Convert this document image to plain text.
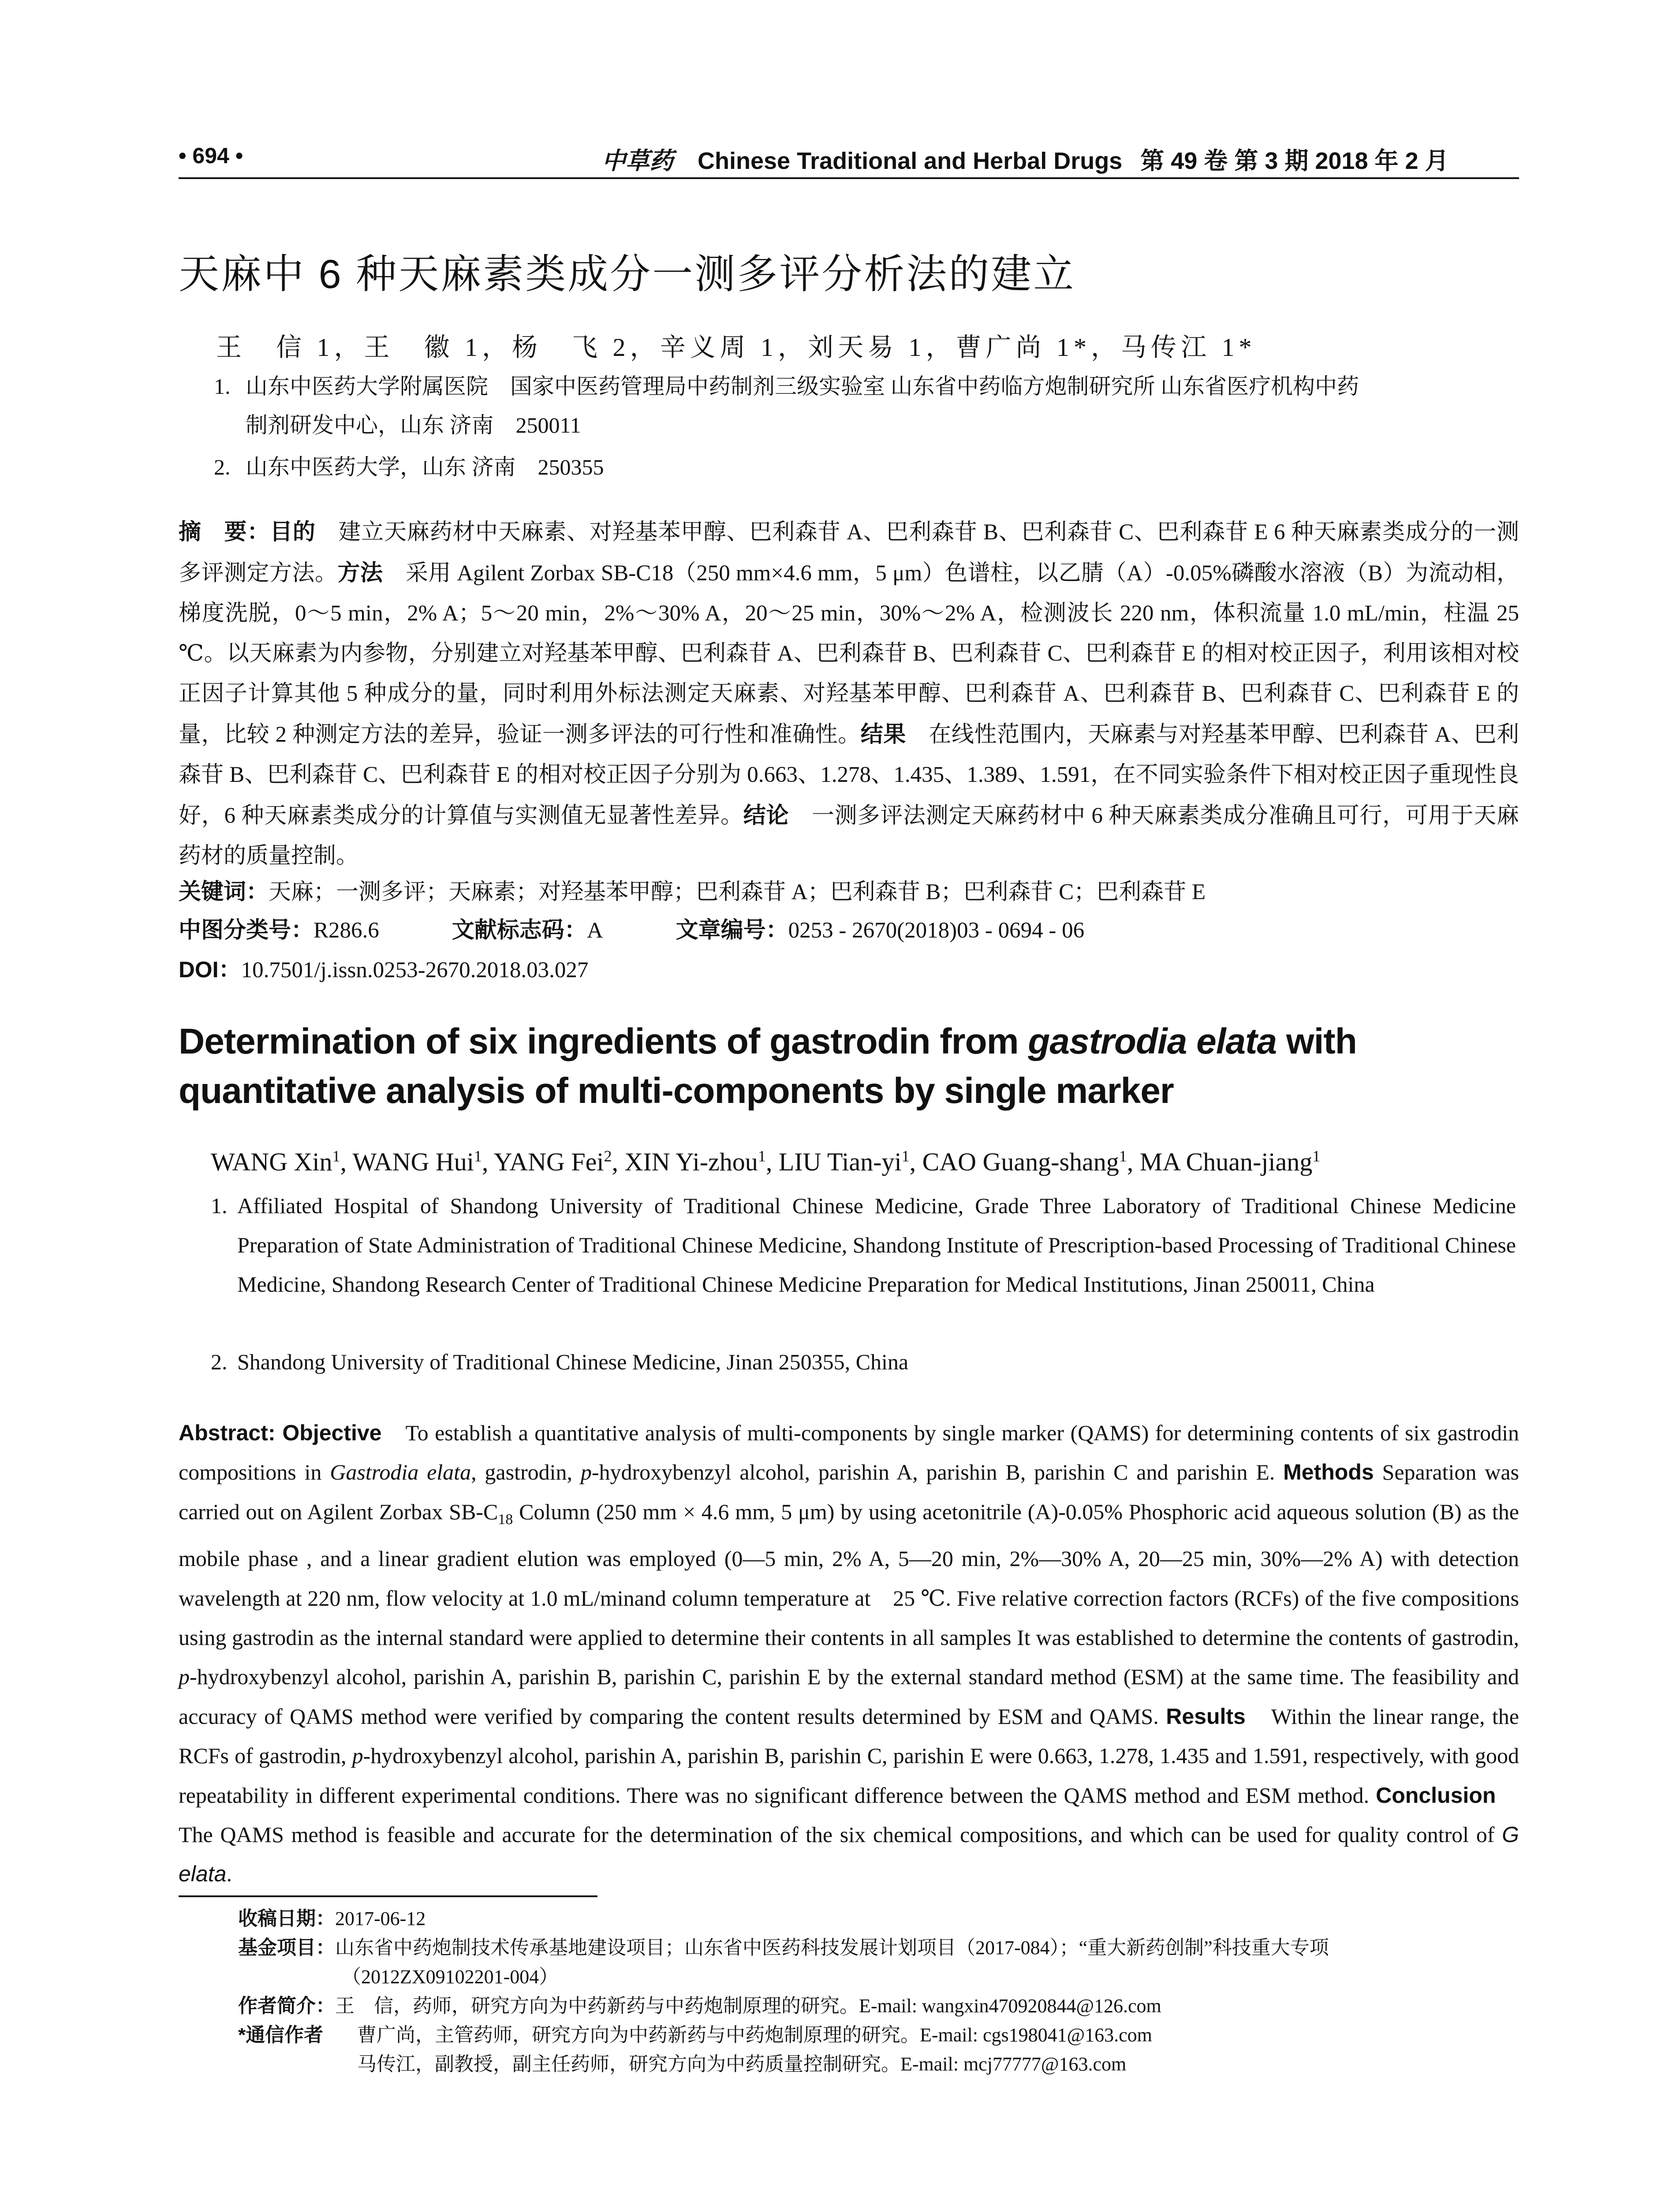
• 694 •	中草药 Chinese Traditional and Herbal Drugs 第 49 卷 第 3 期 2018 年 2 月
天麻中 6 种天麻素类成分一测多评分析法的建立
王　信 1，王　徽 1，杨　飞 2，辛义周 1，刘天易 1，曹广尚 1*，马传江 1*
1. 山东中医药大学附属医院　国家中医药管理局中药制剂三级实验室 山东省中药临方炮制研究所 山东省医疗机构中药
制剂研发中心，山东 济南　250011
2. 山东中医药大学，山东 济南　250355
摘　要：目的　建立天麻药材中天麻素、对羟基苯甲醇、巴利森苷 A、巴利森苷 B、巴利森苷 C、巴利森苷 E 6 种天麻素类成分的一测多评测定方法。方法　采用 Agilent Zorbax SB-C18（250 mm×4.6 mm，5 μm）色谱柱，以乙腈（A）-0.05%磷酸水溶液（B）为流动相，梯度洗脱，0～5 min，2% A；5～20 min，2%～30% A，20～25 min，30%～2% A，检测波长 220 nm，体积流量 1.0 mL/min，柱温 25 ℃。以天麻素为内参物，分别建立对羟基苯甲醇、巴利森苷 A、巴利森苷 B、巴利森苷 C、巴利森苷 E 的相对校正因子，利用该相对校正因子计算其他 5 种成分的量，同时利用外标法测定天麻素、对羟基苯甲醇、巴利森苷 A、巴利森苷 B、巴利森苷 C、巴利森苷 E 的量，比较 2 种测定方法的差异，验证一测多评法的可行性和准确性。结果　在线性范围内，天麻素与对羟基苯甲醇、巴利森苷 A、巴利森苷 B、巴利森苷 C、巴利森苷 E 的相对校正因子分别为 0.663、1.278、1.435、1.389、1.591，在不同实验条件下相对校正因子重现性良好，6 种天麻素类成分的计算值与实测值无显著性差异。结论　一测多评法测定天麻药材中 6 种天麻素类成分准确且可行，可用于天麻药材的质量控制。
关键词：天麻；一测多评；天麻素；对羟基苯甲醇；巴利森苷 A；巴利森苷 B；巴利森苷 C；巴利森苷 E
中图分类号：R286.6	文献标志码：A	文章编号：0253 - 2670(2018)03 - 0694 - 06
DOI：10.7501/j.issn.0253-2670.2018.03.027
Determination of six ingredients of gastrodin from gastrodia elata with quantitative analysis of multi-components by single marker
WANG Xin$^1$, WANG Hui$^1$, YANG Fei$^2$, XIN Yi-zhou$^1$, LIU Tian-$yi^1$, CAO Guang-shang$^1$, MA Chuan-jiang$^1$
1. Affiliated Hospital of Shandong University of Traditional Chinese Medicine, Grade Three Laboratory of Traditional Chinese Medicine Preparation of State Administration of Traditional Chinese Medicine, Shandong Institute of Prescription-based Processing of Traditional Chinese Medicine, Shandong Research Center of Traditional Chinese Medicine Preparation for Medical Institutions, Jinan 250011, China
2. Shandong University of Traditional Chinese Medicine, Jinan 250355, China
Abstract: Objective　To establish a quantitative analysis of multi-components by single marker (QAMS) for determining contents of six gastrodin compositions in Gastrodia elata, gastrodin, p-hydroxybenzyl alcohol, parishin A, parishin B, parishin C and parishin E. Methods Separation was carried out on Agilent Zorbax $SB-C_{18}$ Column (250 mm × 4.6 mm, 5 μm) by using acetonitrile (A)-0.05% Phosphoric acid aqueous solution (B) as the mobile phase , and a linear gradient elution was employed (0—5 min, 2% A, 5—20 min, 2%—30% A, 20—25 min, 30%—2% A) with detection wavelength at 220 nm, flow velocity at 1.0 mL/minand column temperature at　25 ℃. Five relative correction factors (RCFs) of the five compositions using gastrodin as the internal standard were applied to determine their contents in all samples It was established to determine the contents of gastrodin, p-hydroxybenzyl alcohol, parishin A, parishin B, parishin C, parishin E by the external standard method (ESM) at the same time. The feasibility and accuracy of QAMS method were verified by comparing the content results determined by ESM and QAMS. Results　Within the linear range, the RCFs of gastrodin, p-hydroxybenzyl alcohol, parishin A, parishin B, parishin C, parishin E were 0.663, 1.278, 1.435 and 1.591, respectively, with good repeatability in different experimental conditions. There was no significant difference between the QAMS method and ESM method. Conclusion　The QAMS method is feasible and accurate for the determination of the six chemical compositions, and which can be used for quality control of G elata.
收稿日期：2017-06-12
基金项目：山东省中药炮制技术传承基地建设项目；山东省中医药科技发展计划项目（2017-084）；“重大新药创制”科技重大专项
（2012ZX09102201-004）
作者简介：王　信，药师，研究方向为中药新药与中药炮制原理的研究。E-mail: wangxin470920844@126.com
*通信作者 曹广尚，主管药师，研究方向为中药新药与中药炮制原理的研究。E-mail: cgs198041@163.com
马传江，副教授，副主任药师，研究方向为中药质量控制研究。E-mail: mcj77777@163.com
